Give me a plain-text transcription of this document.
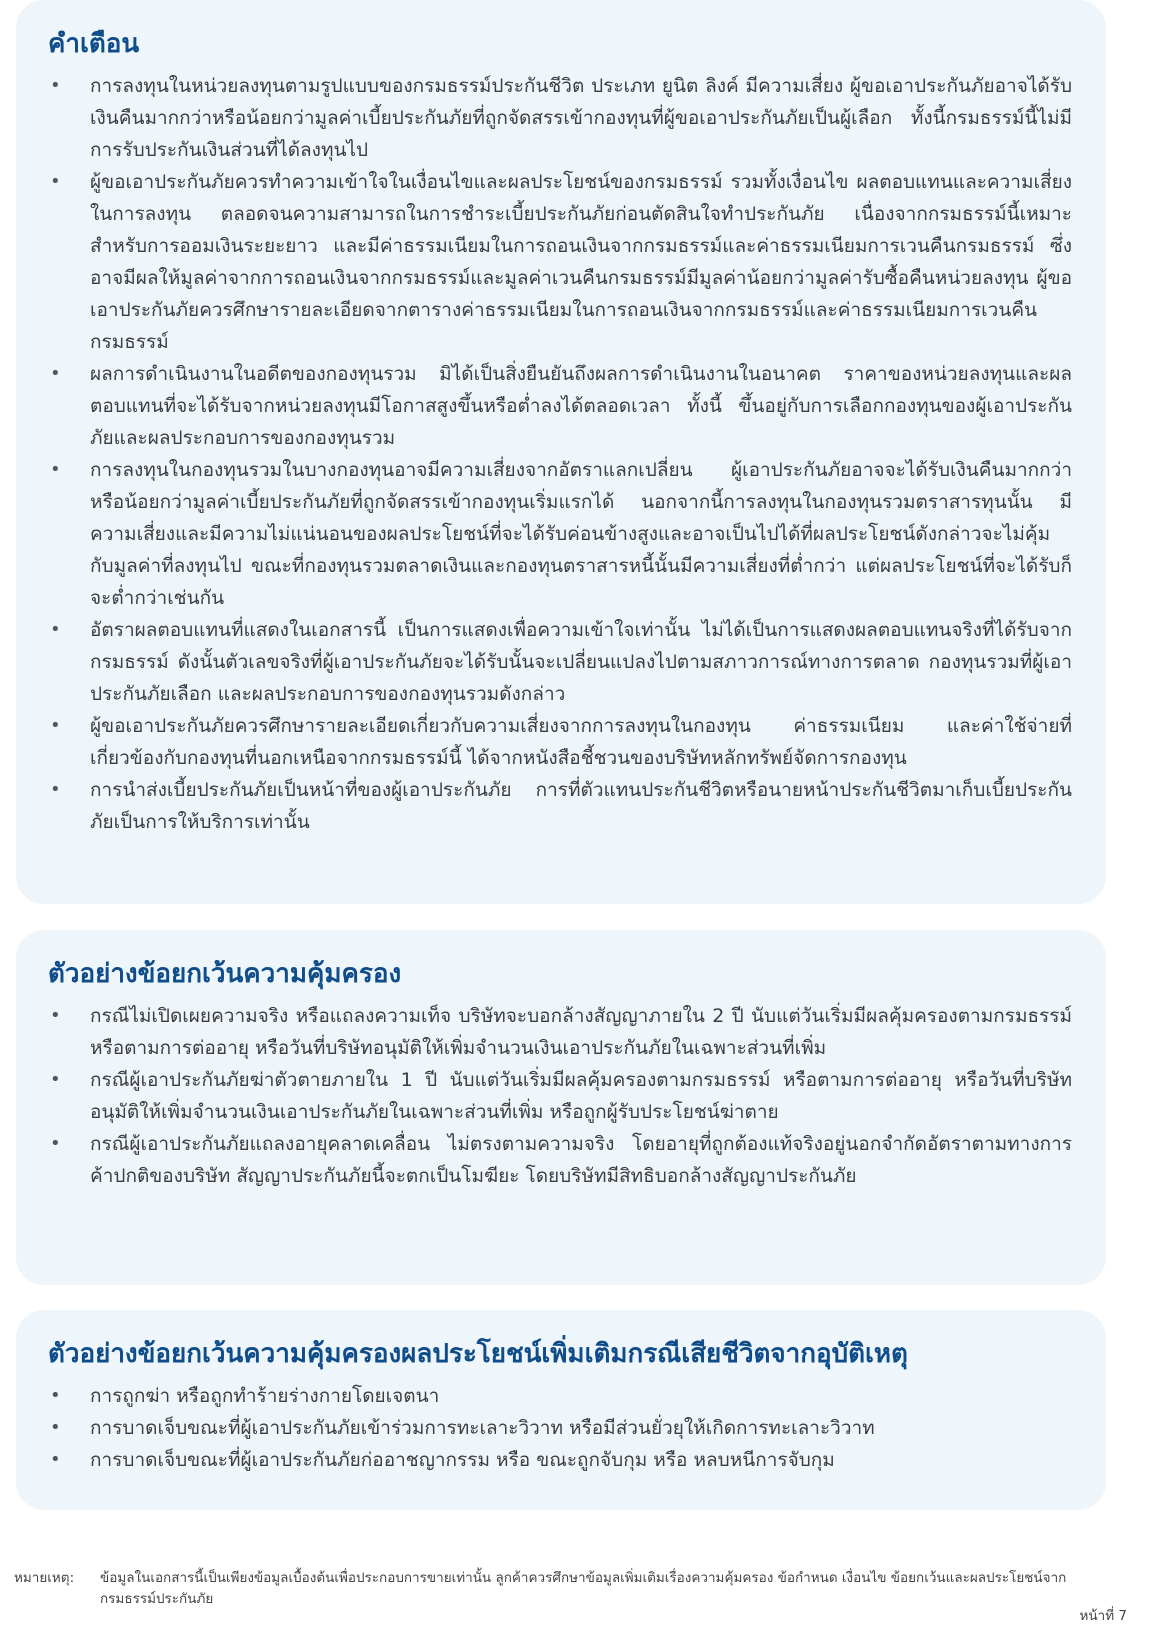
คำเตือน
• การลงทุนในหน่วยลงทุนตามรูปแบบของกรมธรรม์ประกันชีวิต ประเภท ยูนิต ลิงค์ มีความเสี่ยง ผู้ขอเอาประกันภัยอาจได้รับเงินคืนมากกว่าหรือน้อยกว่ามูลค่าเบี้ยประกันภัยที่ถูกจัดสรรเข้ากองทุนที่ผู้ขอเอาประกันภัยเป็นผู้เลือก ทั้งนี้กรมธรรม์นี้ไม่มีการรับประกันเงินส่วนที่ได้ลงทุนไป
• ผู้ขอเอาประกันภัยควรทำความเข้าใจในเงื่อนไขและผลประโยชน์ของกรมธรรม์ รวมทั้งเงื่อนไข ผลตอบแทนและความเสี่ยงในการลงทุน ตลอดจนความสามารถในการชำระเบี้ยประกันภัยก่อนตัดสินใจทำประกันภัย เนื่องจากกรมธรรม์นี้เหมาะสำหรับการออมเงินระยะยาว และมีค่าธรรมเนียมในการถอนเงินจากกรมธรรม์และค่าธรรมเนียมการเวนคืนกรมธรรม์ ซึ่งอาจมีผลให้มูลค่าจากการถอนเงินจากกรมธรรม์และมูลค่าเวนคืนกรมธรรม์มีมูลค่าน้อยกว่ามูลค่ารับซื้อคืนหน่วยลงทุน ผู้ขอเอาประกันภัยควรศึกษารายละเอียดจากตารางค่าธรรมเนียมในการถอนเงินจากกรมธรรม์และค่าธรรมเนียมการเวนคืนกรมธรรม์
• ผลการดำเนินงานในอดีตของกองทุนรวม มิได้เป็นสิ่งยืนยันถึงผลการดำเนินงานในอนาคต ราคาของหน่วยลงทุนและผลตอบแทนที่จะได้รับจากหน่วยลงทุนมีโอกาสสูงขึ้นหรือต่ำลงได้ตลอดเวลา ทั้งนี้ ขึ้นอยู่กับการเลือกกองทุนของผู้เอาประกันภัยและผลประกอบการของกองทุนรวม
• การลงทุนในกองทุนรวมในบางกองทุนอาจมีความเสี่ยงจากอัตราแลกเปลี่ยน ผู้เอาประกันภัยอาจจะได้รับเงินคืนมากกว่าหรือน้อยกว่ามูลค่าเบี้ยประกันภัยที่ถูกจัดสรรเข้ากองทุนเริ่มแรกได้ นอกจากนี้การลงทุนในกองทุนรวมตราสารทุนนั้น มีความเสี่ยงและมีความไม่แน่นอนของผลประโยชน์ที่จะได้รับค่อนข้างสูงและอาจเป็นไปได้ที่ผลประโยชน์ดังกล่าวจะไม่คุ้มกับมูลค่าที่ลงทุนไป ขณะที่กองทุนรวมตลาดเงินและกองทุนตราสารหนี้นั้นมีความเสี่ยงที่ต่ำกว่า แต่ผลประโยชน์ที่จะได้รับก็จะต่ำกว่าเช่นกัน
• อัตราผลตอบแทนที่แสดงในเอกสารนี้ เป็นการแสดงเพื่อความเข้าใจเท่านั้น ไม่ได้เป็นการแสดงผลตอบแทนจริงที่ได้รับจากกรมธรรม์ ดังนั้นตัวเลขจริงที่ผู้เอาประกันภัยจะได้รับนั้นจะเปลี่ยนแปลงไปตามสภาวการณ์ทางการตลาด กองทุนรวมที่ผู้เอาประกันภัยเลือก และผลประกอบการของกองทุนรวมดังกล่าว
• ผู้ขอเอาประกันภัยควรศึกษารายละเอียดเกี่ยวกับความเสี่ยงจากการลงทุนในกองทุน ค่าธรรมเนียม และค่าใช้จ่ายที่เกี่ยวข้องกับกองทุนที่นอกเหนือจากกรมธรรม์นี้ ได้จากหนังสือชี้ชวนของบริษัทหลักทรัพย์จัดการกองทุน
• การนำส่งเบี้ยประกันภัยเป็นหน้าที่ของผู้เอาประกันภัย การที่ตัวแทนประกันชีวิตหรือนายหน้าประกันชีวิตมาเก็บเบี้ยประกันภัยเป็นการให้บริการเท่านั้น
ตัวอย่างข้อยกเว้นความคุ้มครอง
• กรณีไม่เปิดเผยความจริง หรือแถลงความเท็จ บริษัทจะบอกล้างสัญญาภายใน 2 ปี นับแต่วันเริ่มมีผลคุ้มครองตามกรมธรรม์ หรือตามการต่ออายุ หรือวันที่บริษัทอนุมัติให้เพิ่มจำนวนเงินเอาประกันภัยในเฉพาะส่วนที่เพิ่ม
• กรณีผู้เอาประกันภัยฆ่าตัวตายภายใน 1 ปี นับแต่วันเริ่มมีผลคุ้มครองตามกรมธรรม์ หรือตามการต่ออายุ หรือวันที่บริษัทอนุมัติให้เพิ่มจำนวนเงินเอาประกันภัยในเฉพาะส่วนที่เพิ่ม หรือถูกผู้รับประโยชน์ฆ่าตาย
• กรณีผู้เอาประกันภัยแถลงอายุคลาดเคลื่อน ไม่ตรงตามความจริง โดยอายุที่ถูกต้องแท้จริงอยู่นอกจำกัดอัตราตามทางการค้าปกติของบริษัท สัญญาประกันภัยนี้จะตกเป็นโมฆียะ โดยบริษัทมีสิทธิบอกล้างสัญญาประกันภัย
ตัวอย่างข้อยกเว้นความคุ้มครองผลประโยชน์เพิ่มเติมกรณีเสียชีวิตจากอุบัติเหตุ
• การถูกฆ่า หรือถูกทำร้ายร่างกายโดยเจตนา
• การบาดเจ็บขณะที่ผู้เอาประกันภัยเข้าร่วมการทะเลาะวิวาท หรือมีส่วนยั่วยุให้เกิดการทะเลาะวิวาท
• การบาดเจ็บขณะที่ผู้เอาประกันภัยก่ออาชญากรรม หรือ ขณะถูกจับกุม หรือ หลบหนีการจับกุม
หมายเหตุ:	ข้อมูลในเอกสารนี้เป็นเพียงข้อมูลเบื้องต้นเพื่อประกอบการขายเท่านั้น ลูกค้าควรศึกษาข้อมูลเพิ่มเติมเรื่องความคุ้มครอง ข้อกำหนด เงื่อนไข ข้อยกเว้นและผลประโยชน์จากกรมธรรม์ประกันภัย
หน้าที่ 7
